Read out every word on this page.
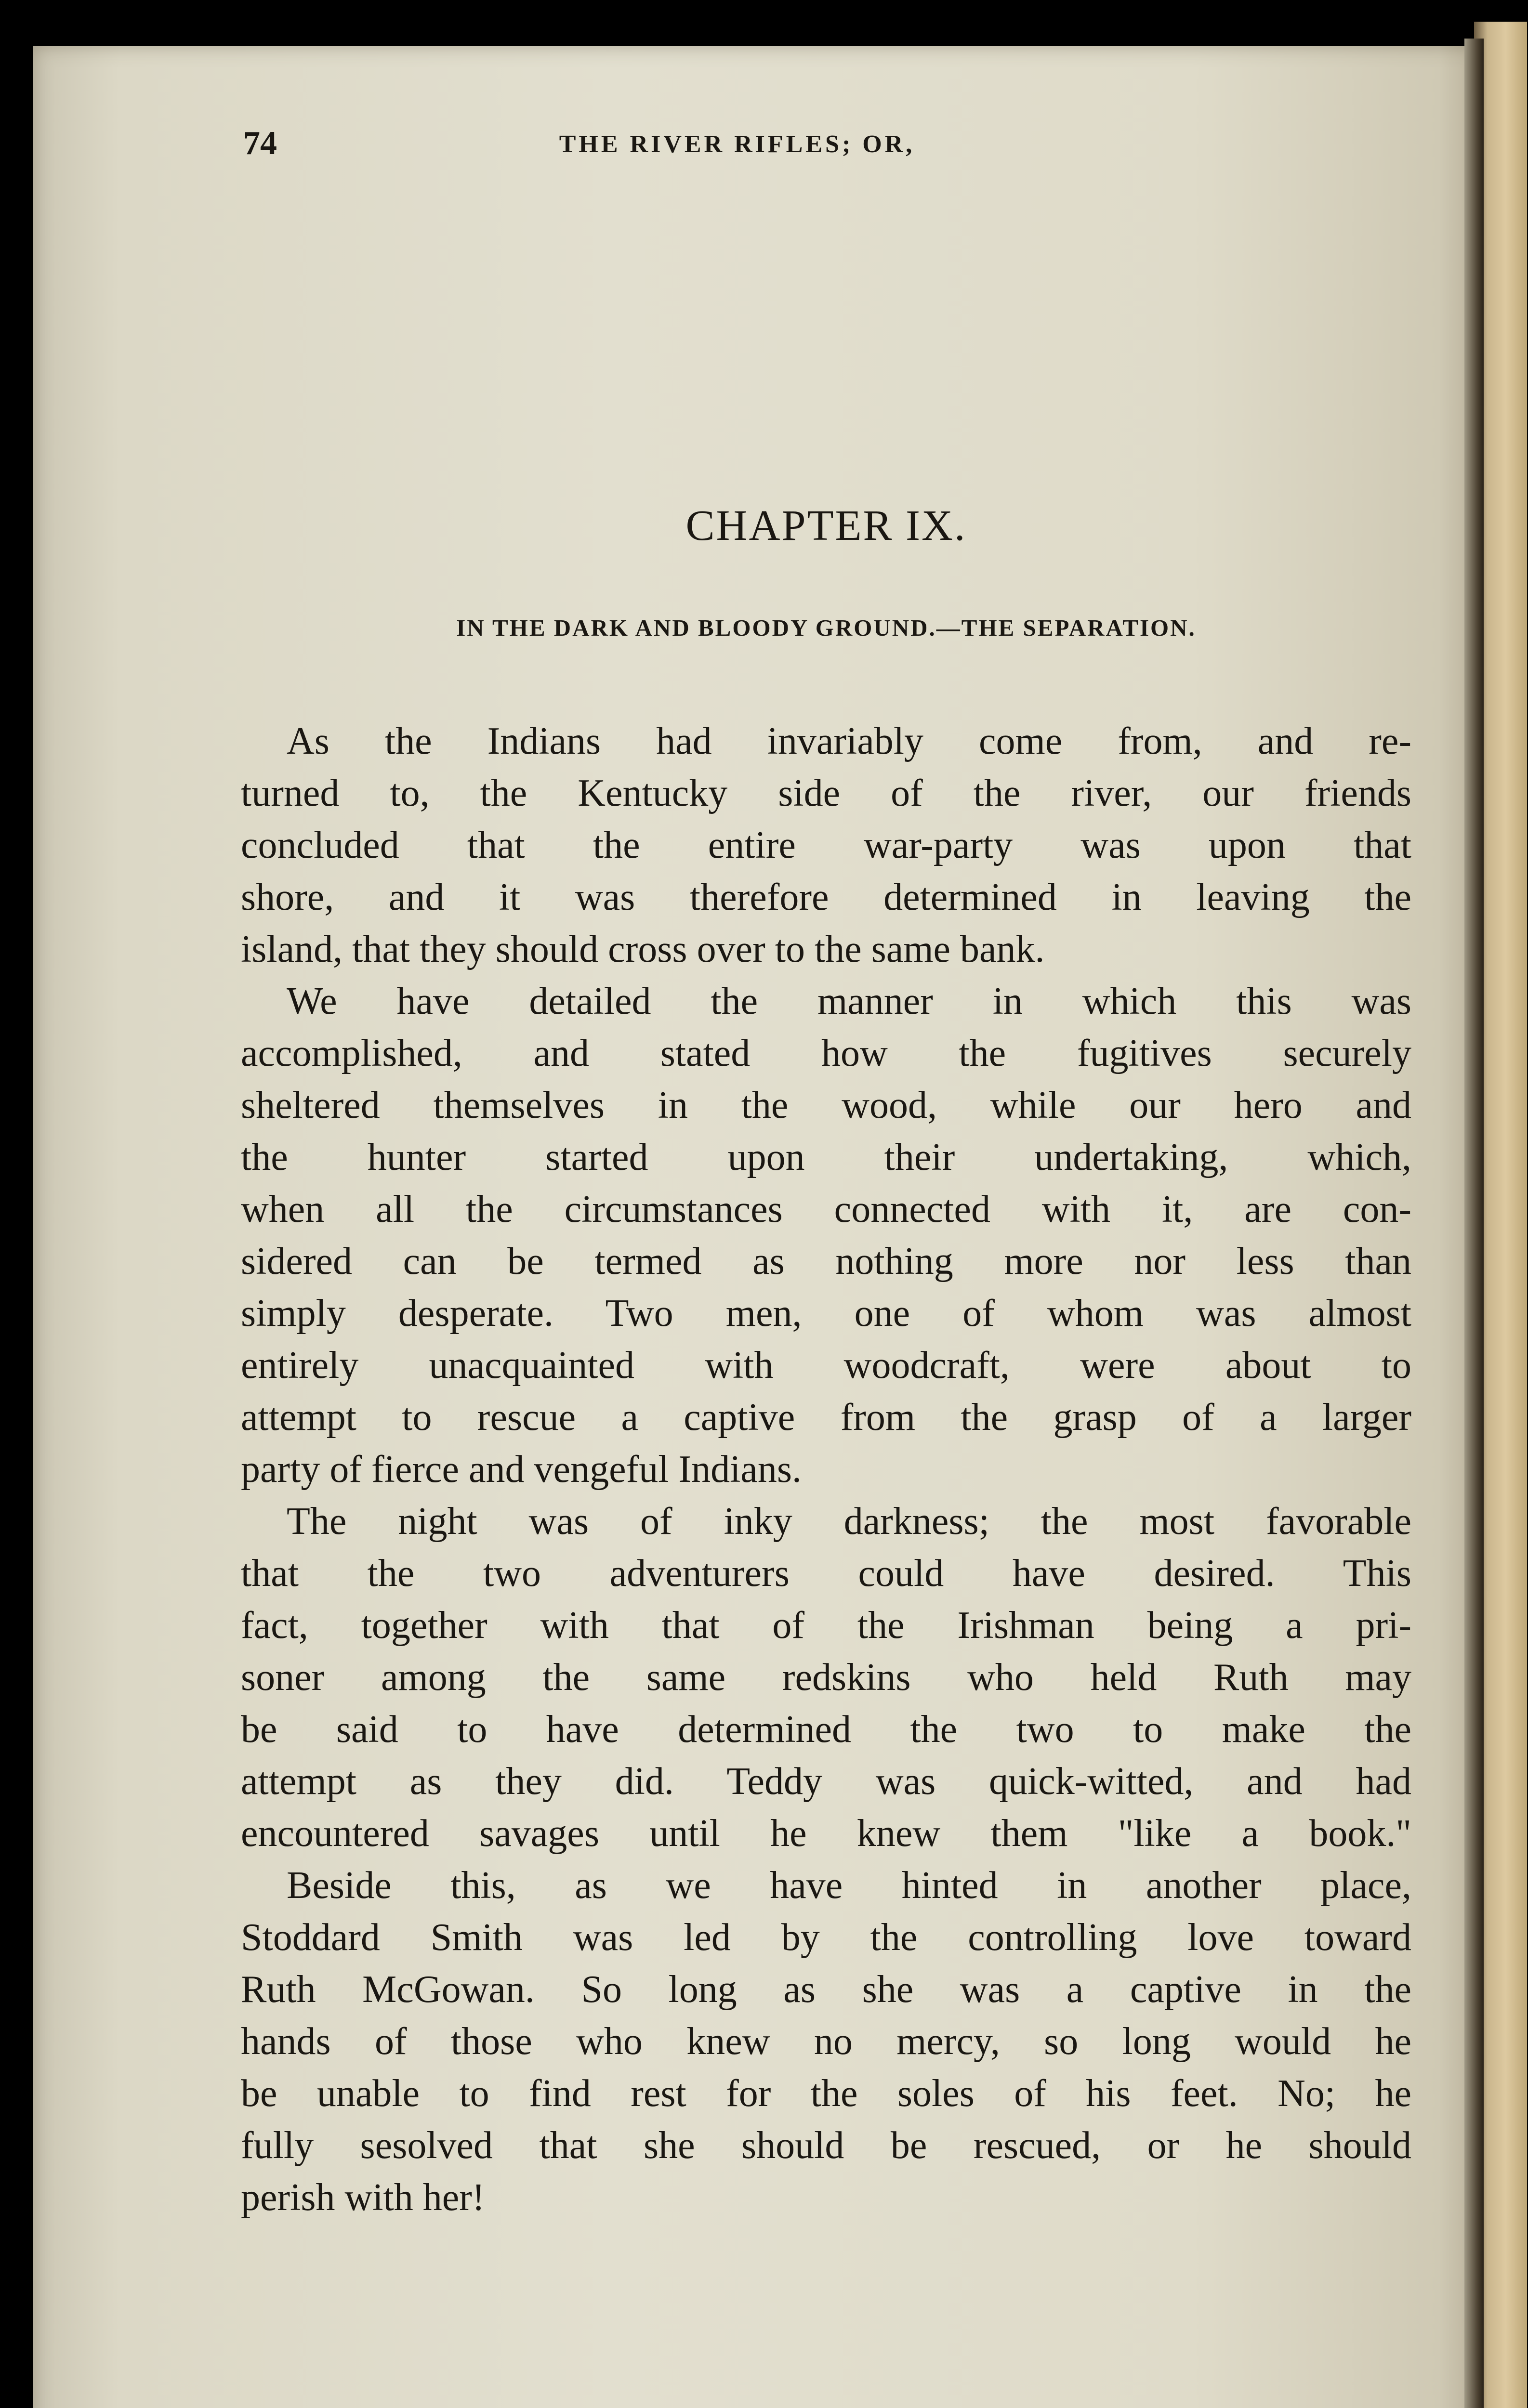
74	THE RIVER RIFLES; OR,
CHAPTER IX.
IN THE DARK AND BLOODY GROUND.—THE SEPARATION.
As the Indians had invariably come from, and re-
turned to, the Kentucky side of the river, our friends
concluded that the entire war-party was upon that
shore, and it was therefore determined in leaving the
island, that they should cross over to the same bank.
We have detailed the manner in which this was
accomplished, and stated how the fugitives securely
sheltered themselves in the wood, while our hero and
the hunter started upon their undertaking, which,
when all the circumstances connected with it, are con-
sidered can be termed as nothing more nor less than
simply desperate. Two men, one of whom was almost
entirely unacquainted with woodcraft, were about to
attempt to rescue a captive from the grasp of a larger
party of fierce and vengeful Indians.
The night was of inky darkness; the most favorable
that the two adventurers could have desired. This
fact, together with that of the Irishman being a pri-
soner among the same redskins who held Ruth may
be said to have determined the two to make the
attempt as they did. Teddy was quick-witted, and had
encountered savages until he knew them "like a book."
Beside this, as we have hinted in another place,
Stoddard Smith was led by the controlling love toward
Ruth McGowan. So long as she was a captive in the
hands of those who knew no mercy, so long would he
be unable to find rest for the soles of his feet. No; he
fully sesolved that she should be rescued, or he should
perish with her!
